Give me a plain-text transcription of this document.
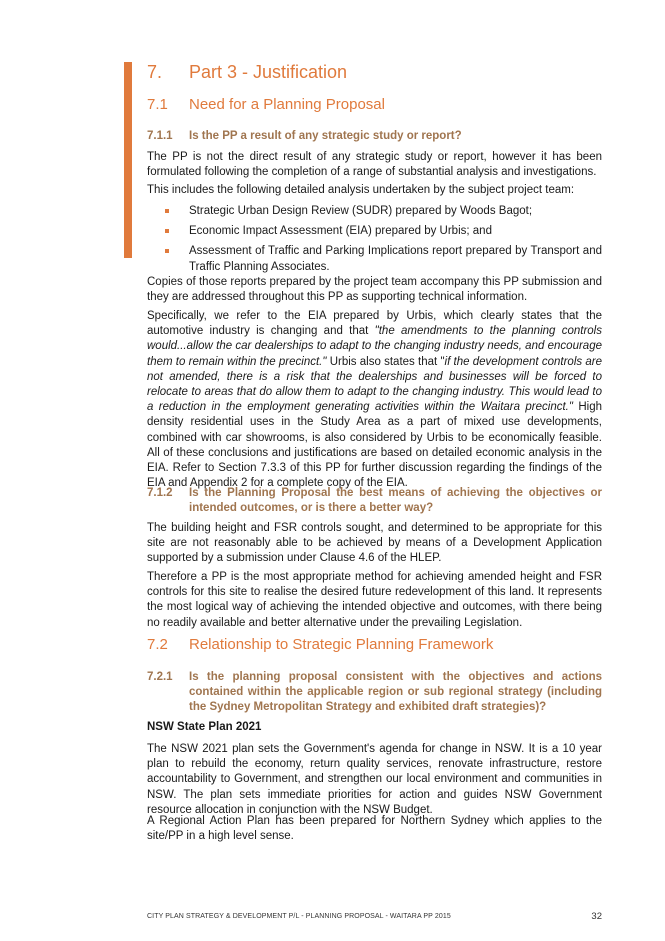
7. Part 3 - Justification
7.1 Need for a Planning Proposal
7.1.1 Is the PP a result of any strategic study or report?
The PP is not the direct result of any strategic study or report, however it has been formulated following the completion of a range of substantial analysis and investigations.
This includes the following detailed analysis undertaken by the subject project team:
Strategic Urban Design Review (SUDR) prepared by Woods Bagot;
Economic Impact Assessment (EIA) prepared by Urbis; and
Assessment of Traffic and Parking Implications report prepared by Transport and Traffic Planning Associates.
Copies of those reports prepared by the project team accompany this PP submission and they are addressed throughout this PP as supporting technical information.
Specifically, we refer to the EIA prepared by Urbis, which clearly states that the automotive industry is changing and that "the amendments to the planning controls would...allow the car dealerships to adapt to the changing industry needs, and encourage them to remain within the precinct." Urbis also states that "if the development controls are not amended, there is a risk that the dealerships and businesses will be forced to relocate to areas that do allow them to adapt to the changing industry. This would lead to a reduction in the employment generating activities within the Waitara precinct." High density residential uses in the Study Area as a part of mixed use developments, combined with car showrooms, is also considered by Urbis to be economically feasible. All of these conclusions and justifications are based on detailed economic analysis in the EIA. Refer to Section 7.3.3 of this PP for further discussion regarding the findings of the EIA and Appendix 2 for a complete copy of the EIA.
7.1.2 Is the Planning Proposal the best means of achieving the objectives or intended outcomes, or is there a better way?
The building height and FSR controls sought, and determined to be appropriate for this site are not reasonably able to be achieved by means of a Development Application supported by a submission under Clause 4.6 of the HLEP.
Therefore a PP is the most appropriate method for achieving amended height and FSR controls for this site to realise the desired future redevelopment of this land. It represents the most logical way of achieving the intended objective and outcomes, with there being no readily available and better alternative under the prevailing Legislation.
7.2 Relationship to Strategic Planning Framework
7.2.1 Is the planning proposal consistent with the objectives and actions contained within the applicable region or sub regional strategy (including the Sydney Metropolitan Strategy and exhibited draft strategies)?
NSW State Plan 2021
The NSW 2021 plan sets the Government's agenda for change in NSW. It is a 10 year plan to rebuild the economy, return quality services, renovate infrastructure, restore accountability to Government, and strengthen our local environment and communities in NSW. The plan sets immediate priorities for action and guides NSW Government resource allocation in conjunction with the NSW Budget.
A Regional Action Plan has been prepared for Northern Sydney which applies to the site/PP in a high level sense.
CITY PLAN STRATEGY & DEVELOPMENT P/L - PLANNING PROPOSAL - WAITARA PP 2015	32
